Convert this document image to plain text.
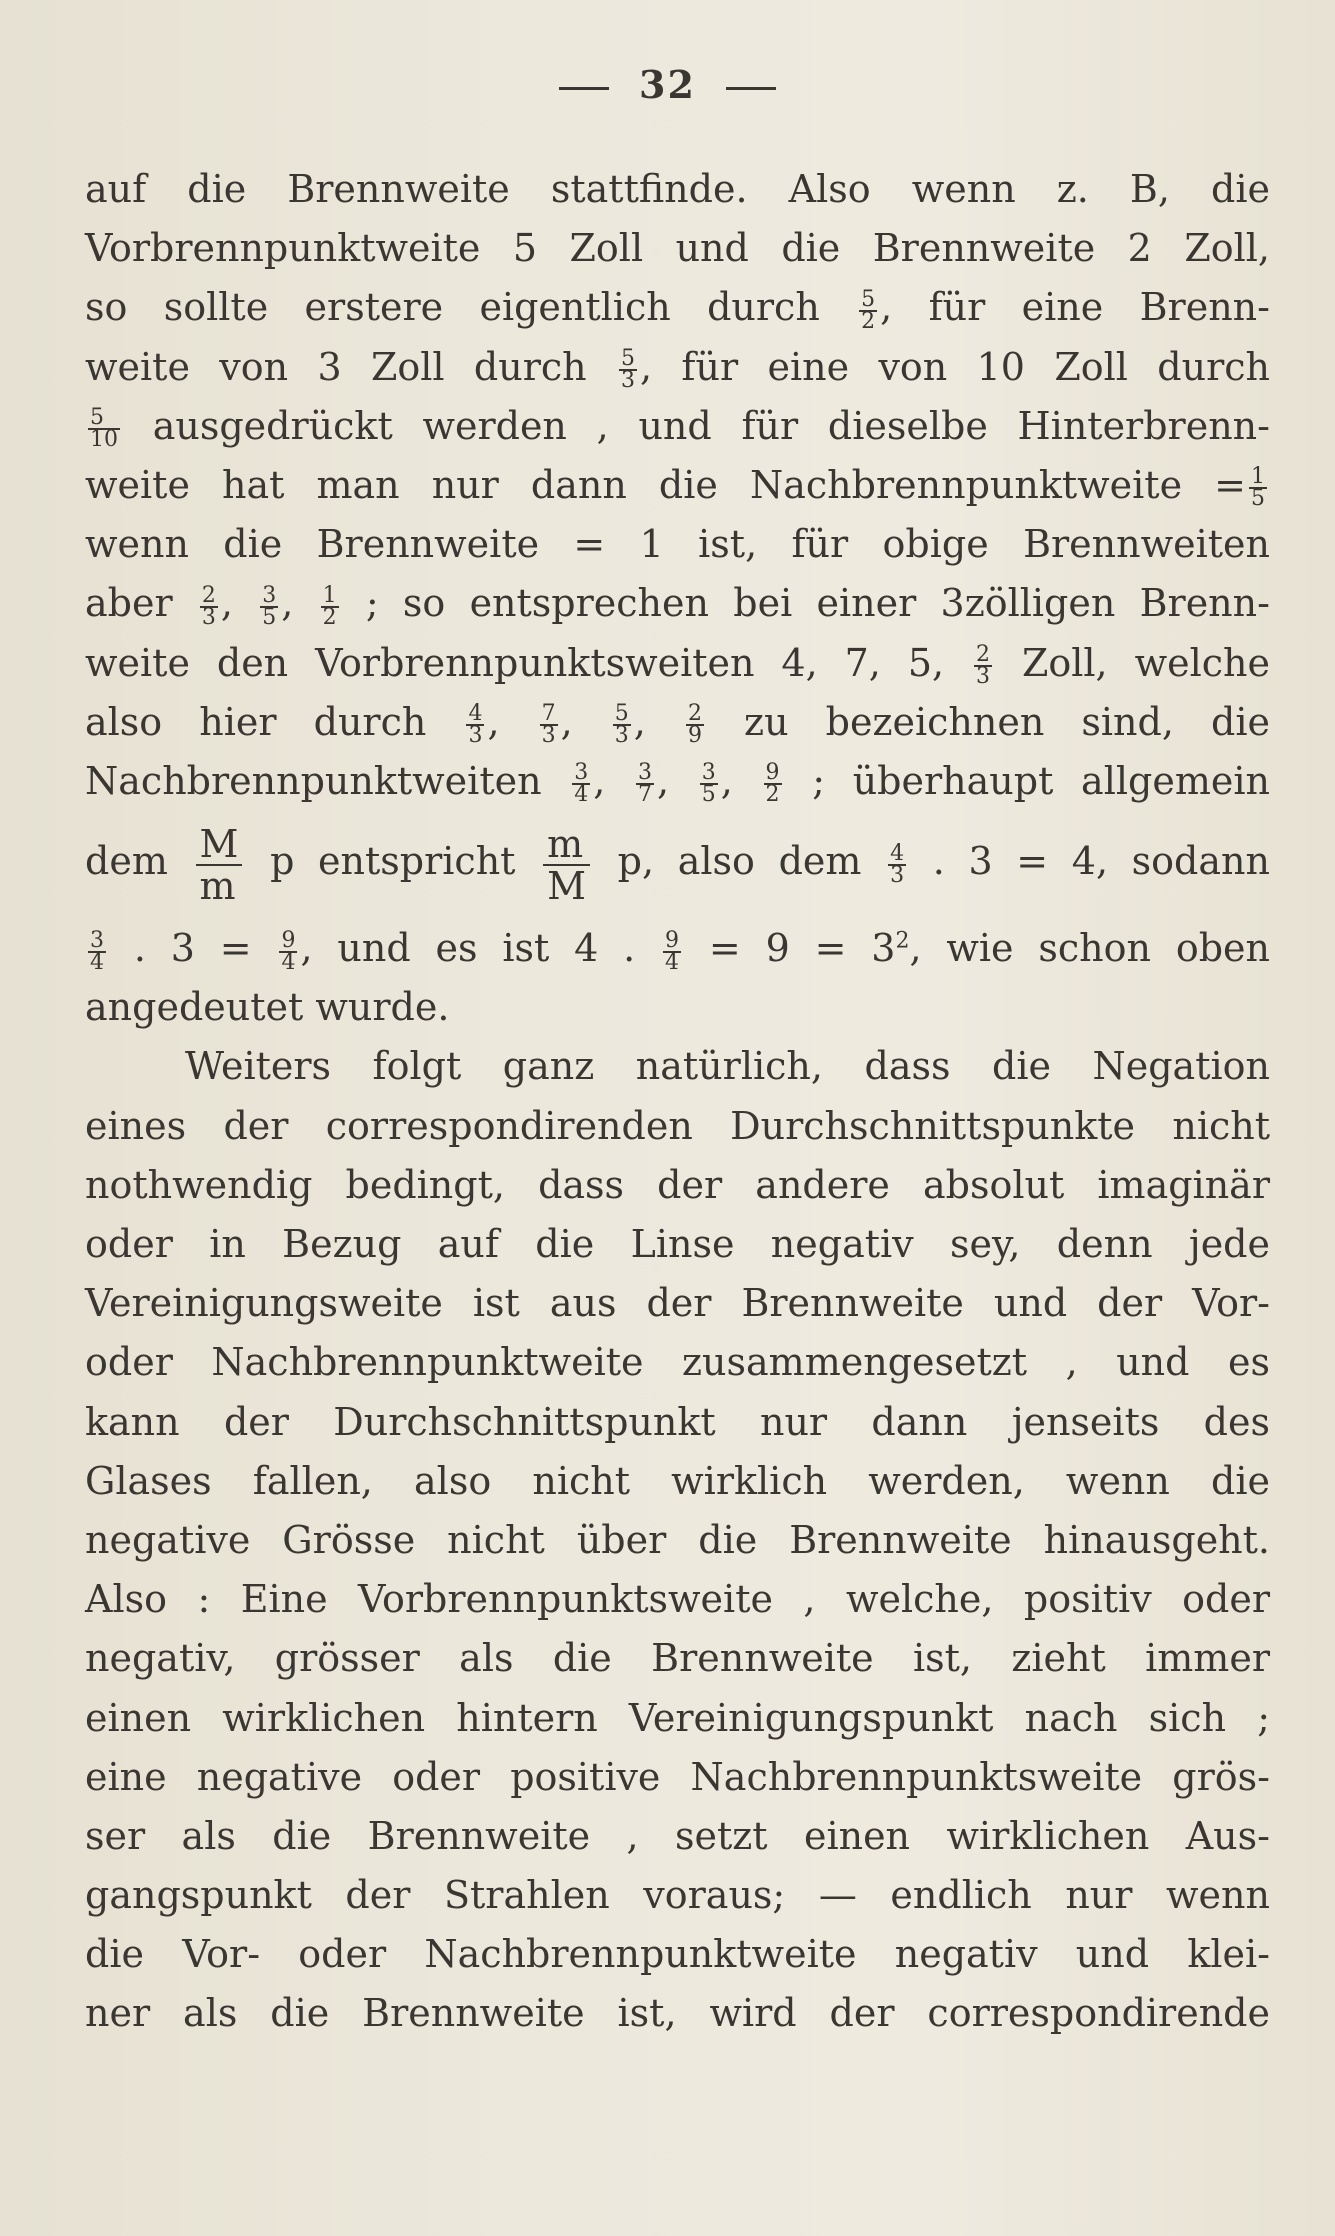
32
auf die Brennweite stattfinde. Also wenn z. B, die
Vorbrennpunktweite 5 Zoll und die Brennweite 2 Zoll,
so sollte erstere eigentlich durch $\frac{5}{2}$ , für eine Brenn-
weite von 3 Zoll durch $\frac{5}{3}$ , für eine von 10 Zoll durch
$\frac{5}{10}$ ausgedrückt werden , und für dieselbe Hinterbrenn-
weite hat man nur dann die Nachbrennpunktweite = $\frac{1}{5}$
wenn die Brennweite = 1 ist, für obige Brennweiten
aber $\frac{2}{3}$ , $\frac{3}{5}$ , $\frac{1}{2}$ ; so entsprechen bei einer 3zölligen Brenn-
weite den Vorbrennpunktsweiten 4, 7, 5, $\frac{2}{3}$ Zoll, welche
also hier durch $\frac{4}{3}$ , $\frac{7}{3}$ , $\frac{5}{3}$ , $\frac{2}{9}$ zu bezeichnen sind, die
Nachbrennpunktweiten $\frac{3}{4}$ , $\frac{3}{7}$ , $\frac{3}{5}$ , $\frac{9}{2}$ ; überhaupt allgemein
dem $\frac{M}{m}$ p entspricht $\frac{m}{M} p$, also dem $\frac{4}{3}$ . 3 = 4, sodann
$\frac{3}{4}$ . $3 = \frac{9}{4}$ , und es ist 4 . $\frac{9}{4} = 9 = 3^2$, wie schon oben
angedeutet wurde.
Weiters folgt ganz natürlich, dass die Negation
eines der correspondirenden Durchschnittspunkte nicht
nothwendig bedingt, dass der andere absolut imaginär
oder in Bezug auf die Linse negativ sey, denn jede
Vereinigungsweite ist aus der Brennweite und der Vor-
oder Nachbrennpunktweite zusammengesetzt , und es
kann der Durchschnittspunkt nur dann jenseits des
Glases fallen, also nicht wirklich werden, wenn die
negative Grösse nicht über die Brennweite hinausgeht.
Also : Eine Vorbrennpunktsweite , welche, positiv oder
negativ, grösser als die Brennweite ist, zieht immer
einen wirklichen hintern Vereinigungspunkt nach sich ;
eine negative oder positive Nachbrennpunktsweite grös-
ser als die Brennweite , setzt einen wirklichen Aus-
gangspunkt der Strahlen voraus; — endlich nur wenn
die Vor- oder Nachbrennpunktweite negativ und klei-
ner als die Brennweite ist, wird der correspondirende
